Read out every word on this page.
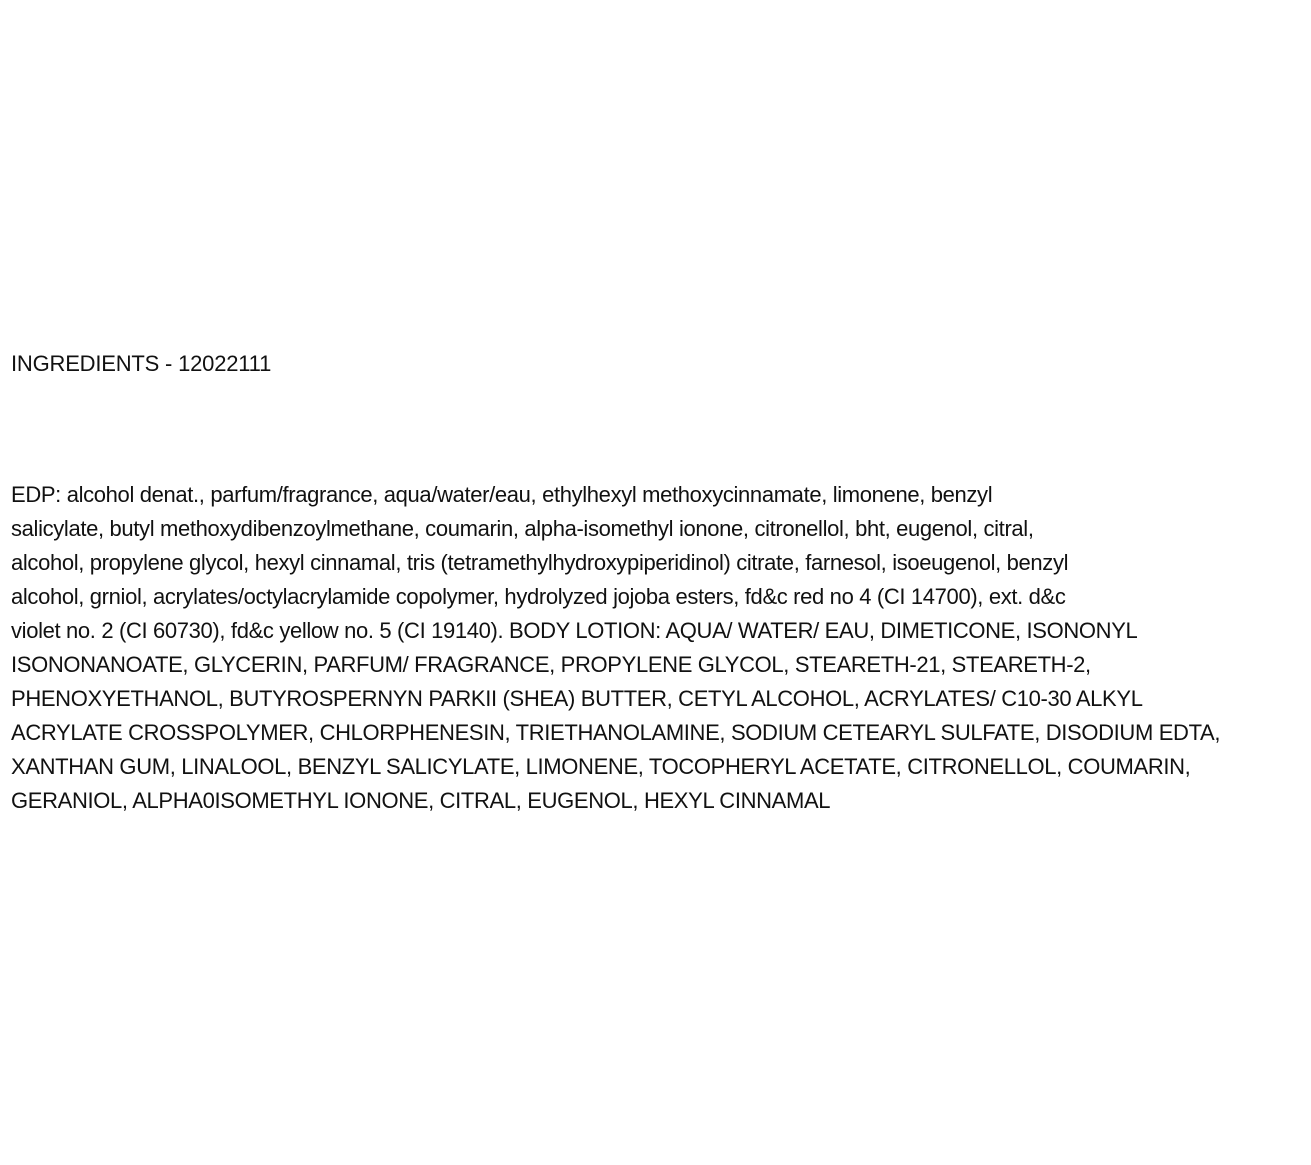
INGREDIENTS - 12022111
EDP: alcohol denat., parfum/fragrance, aqua/water/eau, ethylhexyl methoxycinnamate, limonene, benzyl
salicylate, butyl methoxydibenzoylmethane, coumarin, alpha-isomethyl ionone, citronellol, bht, eugenol, citral,
alcohol, propylene glycol, hexyl cinnamal, tris (tetramethylhydroxypiperidinol) citrate, farnesol, isoeugenol, benzyl
alcohol, grniol, acrylates/octylacrylamide copolymer, hydrolyzed jojoba esters, fd&c red no 4 (CI 14700), ext. d&c
violet no. 2 (CI 60730), fd&c yellow no. 5 (CI 19140). BODY LOTION: AQUA/ WATER/ EAU, DIMETICONE, ISONONYL
ISONONANOATE, GLYCERIN, PARFUM/ FRAGRANCE, PROPYLENE GLYCOL, STEARETH-21, STEARETH-2,
PHENOXYETHANOL, BUTYROSPERNYN PARKII (SHEA) BUTTER, CETYL ALCOHOL, ACRYLATES/ C10-30 ALKYL
ACRYLATE CROSSPOLYMER, CHLORPHENESIN, TRIETHANOLAMINE, SODIUM CETEARYL SULFATE, DISODIUM EDTA,
XANTHAN GUM, LINALOOL, BENZYL SALICYLATE, LIMONENE, TOCOPHERYL ACETATE, CITRONELLOL, COUMARIN,
GERANIOL, ALPHA0ISOMETHYL IONONE, CITRAL, EUGENOL, HEXYL CINNAMAL
